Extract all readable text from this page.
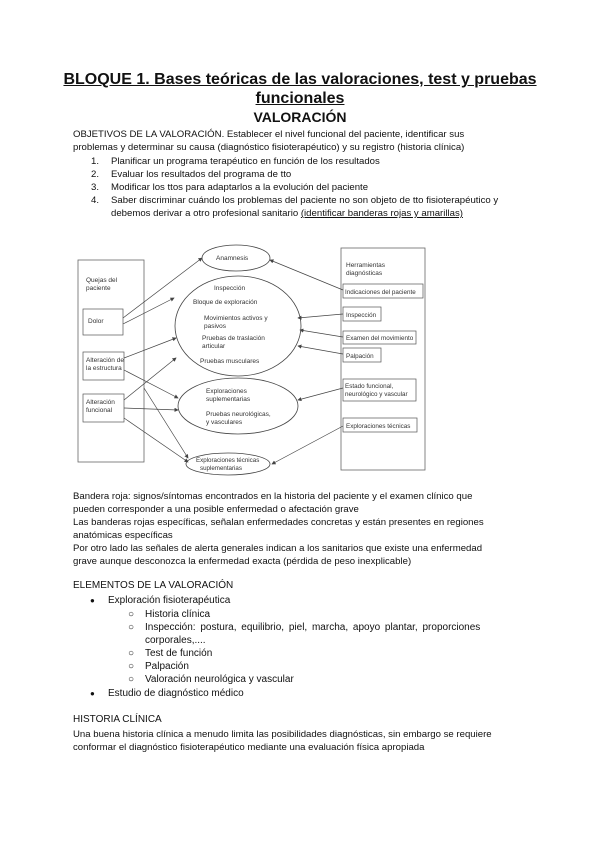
BLOQUE 1. Bases teóricas de las valoraciones, test y pruebas
funcionales
VALORACIÓN
OBJETIVOS DE LA VALORACIÓN. Establecer el nivel funcional del paciente, identificar sus
problemas y determinar su causa (diagnóstico fisioterapéutico) y su registro (historia clínica)
1. Planificar un programa terapéutico en función de los resultados
2. Evaluar los resultados del programa de tto
3. Modificar los ttos para adaptarlos a la evolución del paciente
4. Saber discriminar cuándo los problemas del paciente no son objeto de tto fisioterapéutico y
debemos derivar a otro profesional sanitario (identificar banderas rojas y amarillas)
Quejas del
paciente
Dolor
Alteración de
la estructura
Alteración
funcional
Anamnesis
Inspección
Bloque de exploración
Movimientos activos y
pasivos
Pruebas de traslación
articular
Pruebas musculares
Exploraciones
suplementarias
Pruebas neurológicas,
y vasculares
Exploraciones técnicas
suplementarias
Herramientas
diagnósticas
Indicaciones del paciente
Inspección
Examen del movimiento
Palpación
Estado funcional,
neurológico y vascular
Exploraciones técnicas
Bandera roja: signos/síntomas encontrados en la historia del paciente y el examen clínico que
pueden corresponder a una posible enfermedad o afectación grave
Las banderas rojas específicas, señalan enfermedades concretas y están presentes en regiones
anatómicas específicas
Por otro lado las señales de alerta generales indican a los sanitarios que existe una enfermedad
grave aunque desconozca la enfermedad exacta (pérdida de peso inexplicable)
ELEMENTOS DE LA VALORACIÓN
● Exploración fisioterapéutica
○ Historia clínica
○ Inspección: postura, equilibrio, piel, marcha, apoyo plantar, proporciones
corporales,....
○ Test de función
○ Palpación
○ Valoración neurológica y vascular
● Estudio de diagnóstico médico
HISTORIA CLÍNICA
Una buena historia clínica a menudo limita las posibilidades diagnósticas, sin embargo se requiere
conformar el diagnóstico fisioterapéutico mediante una evaluación física apropiada
